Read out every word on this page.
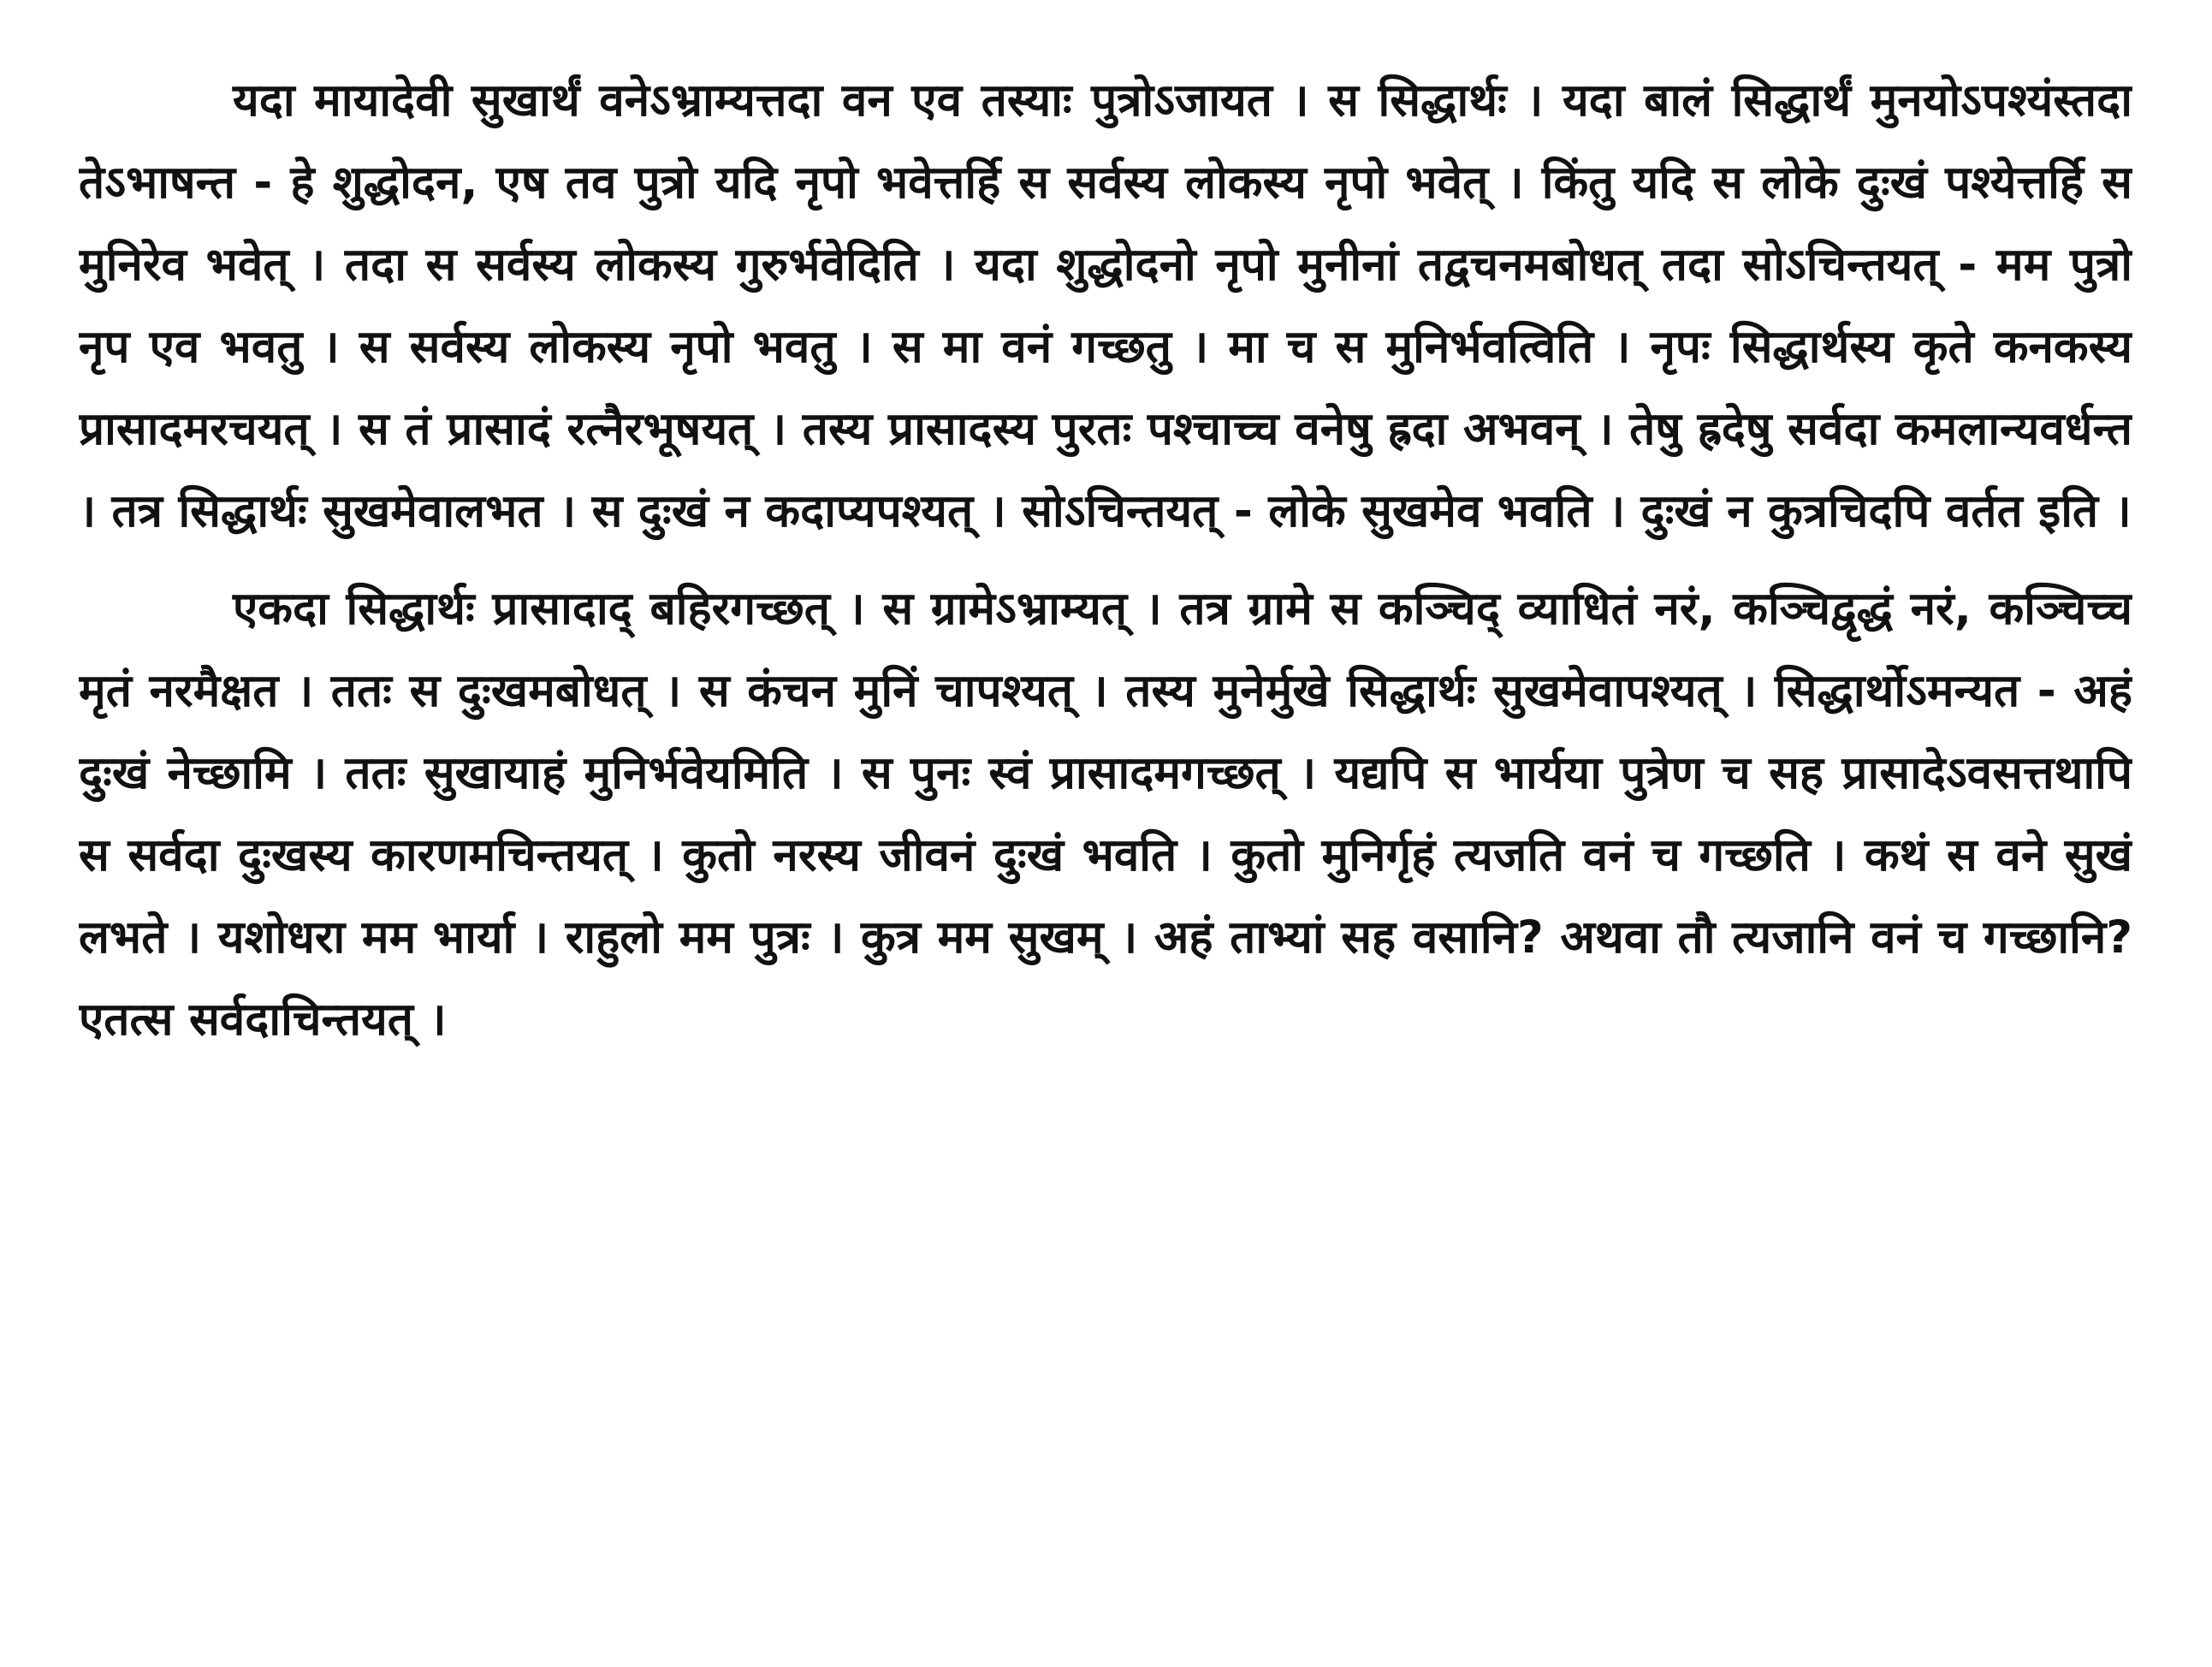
यदा मायादेवी सुखार्थं वनेऽभ्राम्यत्तदा वन एव तस्याः पुत्रोऽजायत । स सिद्धार्थः । यदा बालं सिद्धार्थं मुनयोऽपश्यंस्तदा तेऽभाषन्त - हे शुद्धोदन, एष तव पुत्रो यदि नृपो भवेत्तर्हि स सर्वस्य लोकस्य नृपो भवेत् । किंतु यदि स लोके दुःखं पश्येत्तर्हि स मुनिरेव भवेत् । तदा स सर्वस्य लोकस्य गुरुर्भवेदिति । यदा शुद्धोदनो नृपो मुनीनां तद्वचनमबोधत् तदा सोऽचिन्तयत् - मम पुत्रो नृप एव भवतु । स सर्वस्य लोकस्य नृपो भवतु । स मा वनं गच्छतु । मा च स मुनिर्भवत्विति । नृपः सिद्धार्थस्य कृते कनकस्य प्रासादमरचयत् । स तं प्रासादं रत्नैरभूषयत् । तस्य प्रासादस्य पुरतः पश्चाच्च वनेषु ह्रदा अभवन् । तेषु ह्रदेषु सर्वदा कमलान्यवर्धन्त । तत्र सिद्धार्थः सुखमेवालभत । स दुःखं न कदाप्यपश्यत् । सोऽचिन्तयत् - लोके सुखमेव भवति । दुःखं न कुत्रचिदपि वर्तत इति ।

एकदा सिद्धार्थः प्रासादाद् बहिरगच्छत् । स ग्रामेऽभ्राम्यत् । तत्र ग्रामे स कञ्चिद् व्याधितं नरं, कञ्चिद्वृद्धं नरं, कञ्चिच्च मृतं नरमैक्षत । ततः स दुःखमबोधत् । स कंचन मुनिं चापश्यत् । तस्य मुनेर्मुखे सिद्धार्थः सुखमेवापश्यत् । सिद्धार्थोऽमन्यत - अहं दुःखं नेच्छामि । ततः सुखायाहं मुनिर्भवेयमिति । स पुनः स्वं प्रासादमगच्छत् । यद्यपि स भार्यया पुत्रेण च सह प्रासादेऽवसत्तथापि स सर्वदा दुःखस्य कारणमचिन्तयत् । कुतो नरस्य जीवनं दुःखं भवति । कुतो मुनिर्गृहं त्यजति वनं च गच्छति । कथं स वने सुखं लभते । यशोधरा मम भार्या । राहुलो मम पुत्रः । कुत्र मम सुखम् । अहं ताभ्यां सह वसानि? अथवा तौ त्यजानि वनं च गच्छानि? एतत्स सर्वदाचिन्तयत् ।
